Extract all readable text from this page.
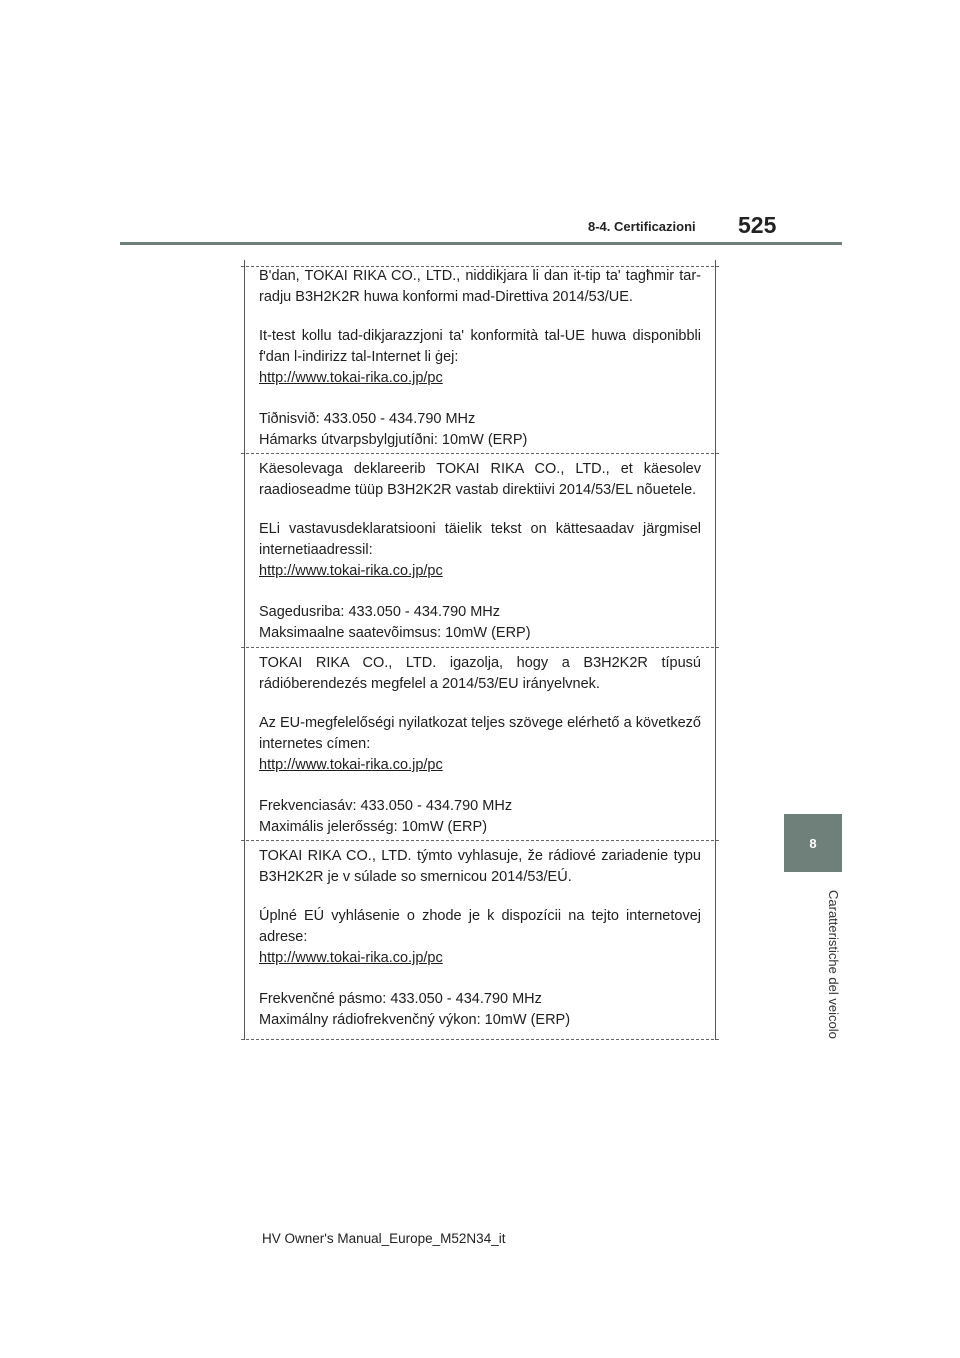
8-4. Certificazioni 525
8
Caratteristiche del veicolo

B'dan, TOKAI RIKA CO., LTD., niddikjara li dan it-tip ta' tagħmir tar-radju B3H2K2R huwa konformi mad-Direttiva 2014/53/UE.

It-test kollu tad-dikjarazzjoni ta' konformità tal-UE huwa disponibbli f'dan l-indirizz tal-Internet li ġej:

http://www.tokai-rika.co.jp/pc

Tiðnisvið: 433.050 - 434.790 MHz

Hámarks útvarpsbylgjutíðni: 10mW (ERP)

Käesolevaga deklareerib TOKAI RIKA CO., LTD., et käesolev raadioseadme tüüp B3H2K2R vastab direktiivi 2014/53/EL nõuetele.

ELi vastavusdeklaratsiooni täielik tekst on kättesaadav järgmisel internetiaadressil:

http://www.tokai-rika.co.jp/pc

Sagedusriba: 433.050 - 434.790 MHz

Maksimaalne saatevõimsus: 10mW (ERP)

TOKAI RIKA CO., LTD. igazolja, hogy a B3H2K2R típusú rádióberendezés megfelel a 2014/53/EU irányelvnek.

Az EU-megfelelőségi nyilatkozat teljes szövege elérhető a következő internetes címen:

http://www.tokai-rika.co.jp/pc

Frekvenciasáv: 433.050 - 434.790 MHz

Maximális jelerősség: 10mW (ERP)

TOKAI RIKA CO., LTD. týmto vyhlasuje, že rádiové zariadenie typu B3H2K2R je v súlade so smernicou 2014/53/EÚ.

Úplné EÚ vyhlásenie o zhode je k dispozícii na tejto internetovej adrese:

http://www.tokai-rika.co.jp/pc

Frekvenčné pásmo: 433.050 - 434.790 MHz

Maximálny rádiofrekvenčný výkon: 10mW (ERP)

HV Owner's Manual_Europe_M52N34_it
